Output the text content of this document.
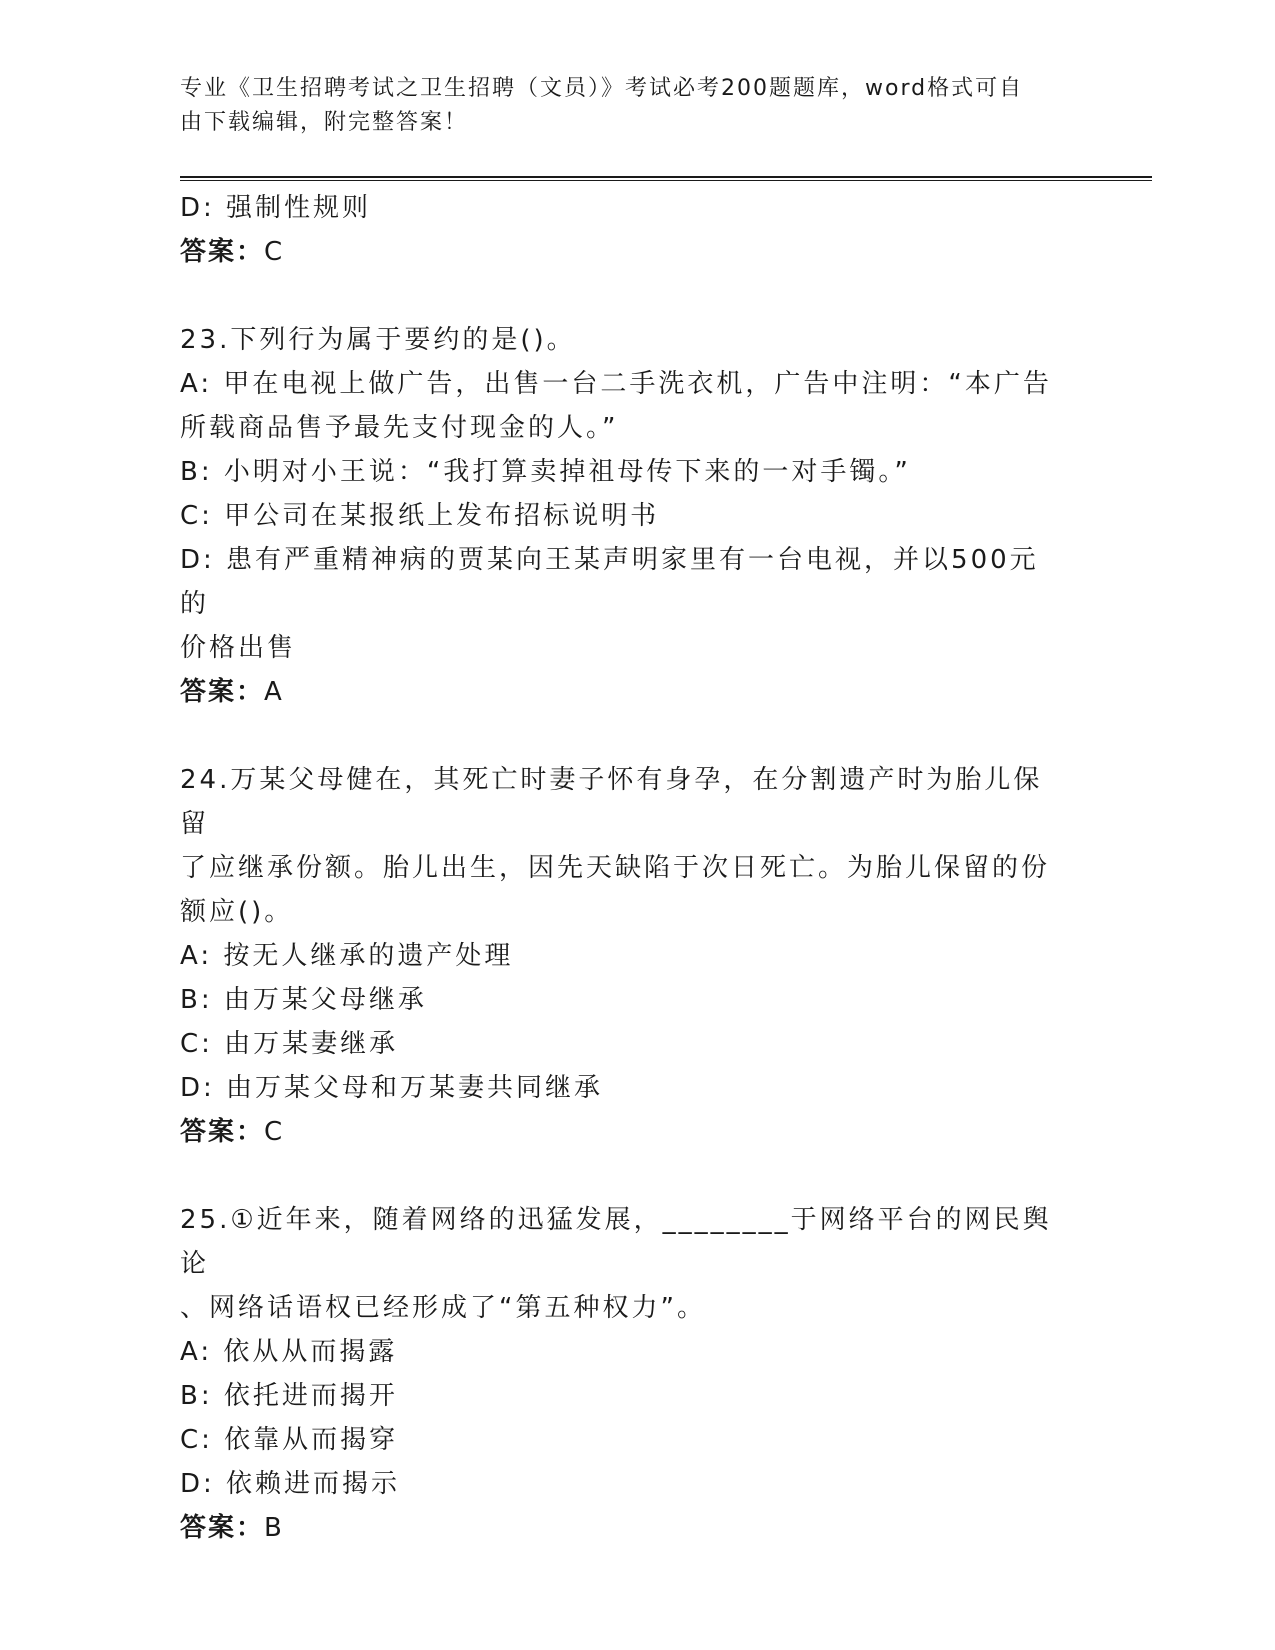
专业《卫生招聘考试之卫生招聘（文员）》考试必考200题题库，word格式可自
由下载编辑，附完整答案！
D: 强制性规则
答案：C
23.下列行为属于要约的是()。
A: 甲在电视上做广告，出售一台二手洗衣机，广告中注明：“本广告
所载商品售予最先支付现金的人。”
B: 小明对小王说：“我打算卖掉祖母传下来的一对手镯。”
C: 甲公司在某报纸上发布招标说明书
D: 患有严重精神病的贾某向王某声明家里有一台电视，并以500元的
价格出售
答案：A
24.万某父母健在，其死亡时妻子怀有身孕，在分割遗产时为胎儿保留
了应继承份额。胎儿出生，因先天缺陷于次日死亡。为胎儿保留的份
额应()。
A: 按无人继承的遗产处理
B: 由万某父母继承
C: 由万某妻继承
D: 由万某父母和万某妻共同继承
答案：C
25.①近年来，随着网络的迅猛发展，________于网络平台的网民舆论
、网络话语权已经形成了“第五种权力”。
A: 依从从而揭露
B: 依托进而揭开
C: 依靠从而揭穿
D: 依赖进而揭示
答案：B
